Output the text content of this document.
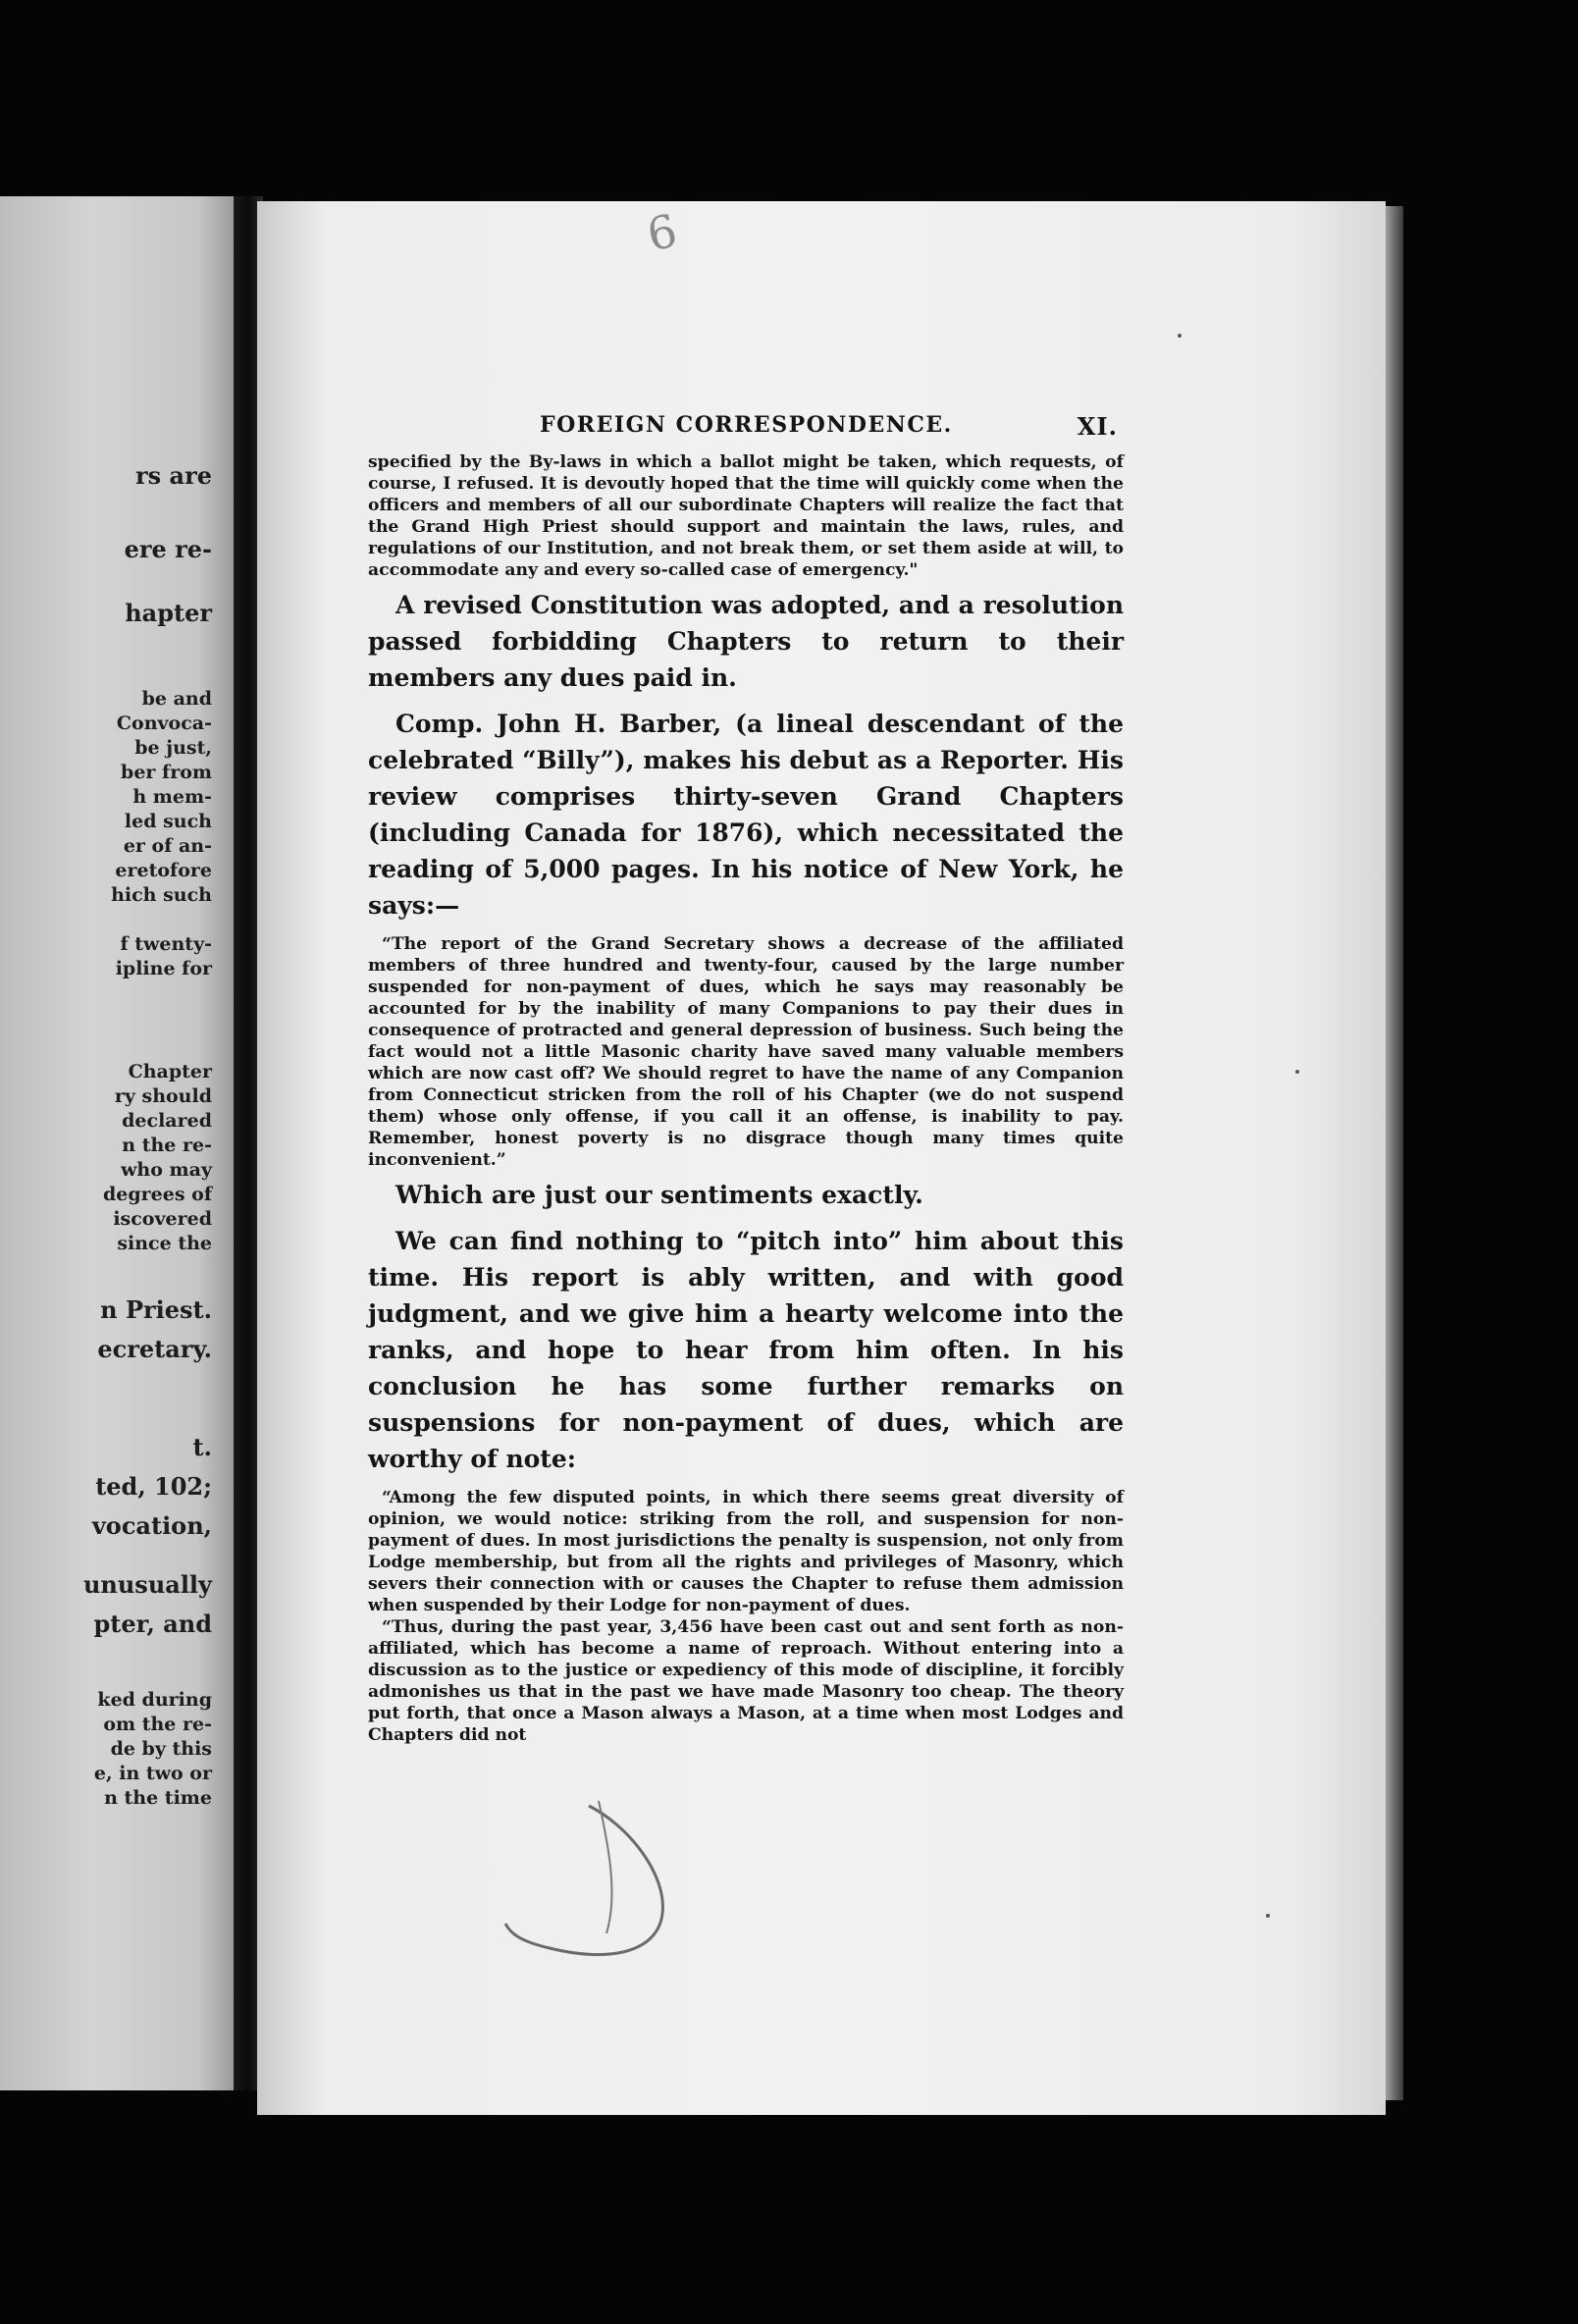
rs are
ere re-
hapter
be and
Convoca-
be just,
ber from
h mem-
led such
er of an-
eretofore
hich such
f twenty-
ipline for
Chapter
ry should
declared
n the re-
who may
degrees of
iscovered
since the
n Priest.
ecretary.
t.
ted, 102;
vocation,
unusually
pter, and
ked during
om the re-
de by this
e, in two or
n the time
6
FOREIGN CORRESPONDENCE.	XI.

specified by the By-laws in which a ballot might be taken, which requests, of course, I refused. It is devoutly hoped that the time will quickly come when the officers and members of all our subordinate Chapters will realize the fact that the Grand High Priest should support and maintain the laws, rules, and regulations of our Institution, and not break them, or set them aside at will, to accommodate any and every so-called case of emergency."

A revised Constitution was adopted, and a resolution passed forbidding Chapters to return to their members any dues paid in.

Comp. John H. Barber, (a lineal descendant of the celebrated “Billy”), makes his debut as a Reporter. His review comprises thirty-seven Grand Chapters (including Canada for 1876), which necessitated the reading of 5,000 pages. In his notice of New York, he says:—

“The report of the Grand Secretary shows a decrease of the affiliated members of three hundred and twenty-four, caused by the large number suspended for non-payment of dues, which he says may reasonably be accounted for by the inability of many Companions to pay their dues in consequence of protracted and general depression of business. Such being the fact would not a little Masonic charity have saved many valuable members which are now cast off? We should regret to have the name of any Companion from Connecticut stricken from the roll of his Chapter (we do not suspend them) whose only offense, if you call it an offense, is inability to pay. Remember, honest poverty is no disgrace though many times quite inconvenient.”

Which are just our sentiments exactly.

We can find nothing to “pitch into” him about this time. His report is ably written, and with good judgment, and we give him a hearty welcome into the ranks, and hope to hear from him often. In his conclusion he has some further remarks on suspensions for non-payment of dues, which are worthy of note:

“Among the few disputed points, in which there seems great diversity of opinion, we would notice: striking from the roll, and suspension for non-payment of dues. In most jurisdictions the penalty is suspension, not only from Lodge membership, but from all the rights and privileges of Masonry, which severs their connection with or causes the Chapter to refuse them admission when suspended by their Lodge for non-payment of dues.

“Thus, during the past year, 3,456 have been cast out and sent forth as non-affiliated, which has become a name of reproach. Without entering into a discussion as to the justice or expediency of this mode of discipline, it forcibly admonishes us that in the past we have made Masonry too cheap. The theory put forth, that once a Mason always a Mason, at a time when most Lodges and Chapters did not
